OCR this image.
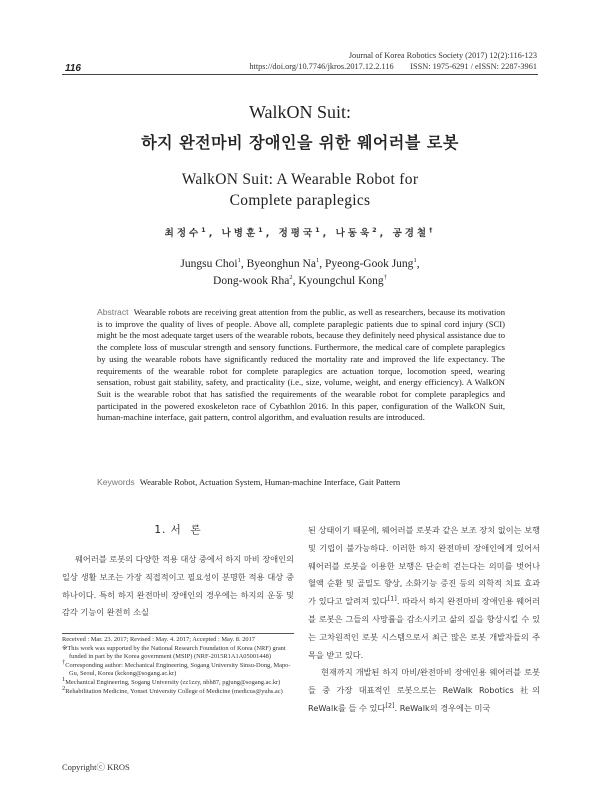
116
Journal of Korea Robotics Society (2017) 12(2):116-123
https://doi.org/10.7746/jkros.2017.12.2.116        ISSN: 1975-6291 / eISSN: 2287-3961
WalkON Suit:
하지 완전마비 장애인을 위한 웨어러블 로봇
WalkON Suit: A Wearable Robot for
Complete paraplegics
최정수$^1$, 나병훈$^1$, 정평국$^1$, 나동욱$^2$, 공경철†
Jungsu Choi$^1$, Byeonghun Na$^1$, Pyeong-Gook Jung$^1$,
Dong-wook Rha$^2$, Kyoungchul Kong†
Abstract Wearable robots are receiving great attention from the public, as well as researchers, because its motivation is to improve the quality of lives of people. Above all, complete paraplegic patients due to spinal cord injury (SCI) might be the most adequate target users of the wearable robots, because they definitely need physical assistance due to the complete loss of muscular strength and sensory functions. Furthermore, the medical care of complete paraplegics by using the wearable robots have significantly reduced the mortality rate and improved the life expectancy. The requirements of the wearable robot for complete paraplegics are actuation torque, locomotion speed, wearing sensation, robust gait stability, safety, and practicality (i.e., size, volume, weight, and energy efficiency). A WalkON Suit is the wearable robot that has satisfied the requirements of the wearable robot for complete paraplegics and participated in the powered exoskeleton race of Cybathlon 2016. In this paper, configuration of the WalkON Suit, human-machine interface, gait pattern, control algorithm, and evaluation results are introduced.
Keywords Wearable Robot, Actuation System, Human-machine Interface, Gait Pattern
1. 서  론

웨어러블 로봇의 다양한 적용 대상 중에서 하지 마비 장애인의 일상 생활 보조는 가장 직접적이고 필요성이 분명한 적용 대상 중 하나이다. 특히 하지 완전마비 장애인의 경우에는 하지의 운동 및 감각 기능이 완전히 소실

된 상태이기 때문에, 웨어러블 로봇과 같은 보조 장치 없이는 보행 및 기립이 불가능하다. 이러한 하지 완전마비 장애인에게 있어서 웨어러블 로봇을 이용한 보행은 단순히 걷는다는 의미를 벗어나 혈액 순환 및 골밀도 향상, 소화기능 증진 등의 의학적 치료 효과가 있다고 알려져 있다[1]. 따라서 하지 완전마비 장애인용 웨어러블 로봇은 그들의 사망률을 감소시키고 삶의 질을 향상시킬 수 있는 고차원적인 로봇 시스템으로서 최근 많은 로봇 개발자들의 주목을 받고 있다.

현재까지 개발된 하지 마비/완전마비 장애인용 웨어러블 로봇들 중 가장 대표적인 로봇으로는 ReWalk Robotics 社의 ReWalk를 들 수 있다[2]. ReWalk의 경우에는 미국

Received : Mar. 23. 2017; Revised : May. 4. 2017; Accepted : May. 8. 2017

※This work was supported by the National Research Foundation of Korea (NRF) grant funded in part by the Korea government (MSIP) (NRF-2015R1A1A05001448)

†Corresponding author: Mechanical Engineering, Sogang University Sinsu-Dong, Mapo-Gu, Seoul, Korea (kckong@sogang.ac.kr)

$^1$Mechanical Engineering, Sogang University (zz1zzy, nbh87, pgjung@sogang.ac.kr)

$^2$Rehabilitation Medicine, Yonsei University College of Medicine (medicus@yuhs.ac)

Copyrightⓒ KROS
